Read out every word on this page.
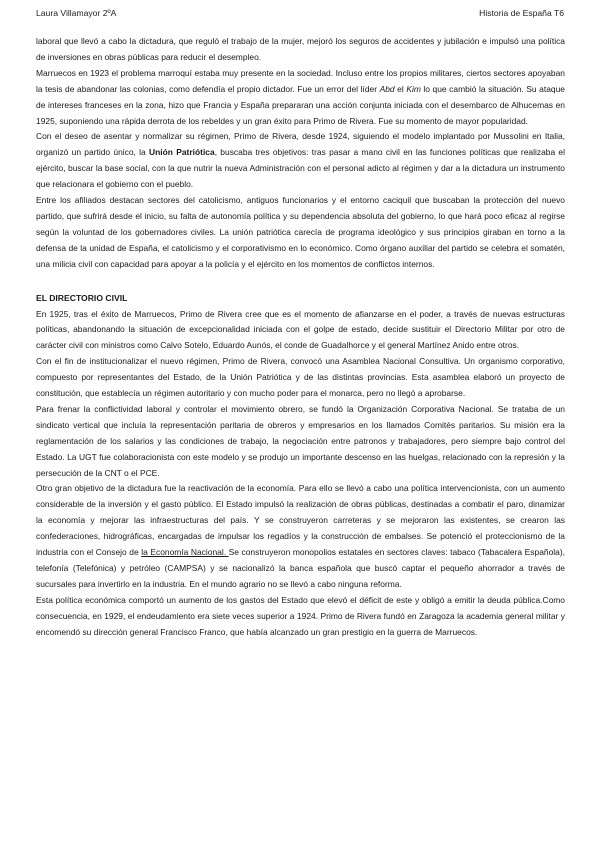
Laura Villamayor 2ºA	Historia de España T6

laboral que llevó a cabo la dictadura, que reguló el trabajo de la mujer, mejoró los seguros de accidentes y jubilación e impulsó una política de inversiones en obras públicas para reducir el desempleo.

Marruecos en 1923 el problema marroquí estaba muy presente en la sociedad. Incluso entre los propios militares, ciertos sectores apoyaban la tesis de abandonar las colonias, como defendía el propio dictador. Fue un error del líder Abd el Kim lo que cambió la situación. Su ataque de intereses franceses en la zona, hizo que Francia y España prepararan una acción conjunta iniciada con el desembarco de Alhucemas en 1925, suponiendo una rápida derrota de los rebeldes y un gran éxito para Primo de Rivera. Fue su momento de mayor popularidad.

Con el deseo de asentar y normalizar su régimen, Primo de Rivera, desde 1924, siguiendo el modelo implantado por Mussolini en Italia, organizó un partido único, la Unión Patriótica, buscaba tres objetivos: tras pasar a mano civil en las funciones políticas que realizaba el ejército, buscar la base social, con la que nutrir la nueva Administración con el personal adicto al régimen y dar a la dictadura un instrumento que relacionara el gobierno con el pueblo.

Entre los afiliados destacan sectores del catolicismo, antiguos funcionarios y el entorno caciquil que buscaban la protección del nuevo partido, que sufrirá desde el inicio, su falta de autonomía política y su dependencia absoluta del gobierno, lo que hará poco eficaz al regirse según la voluntad de los gobernadores civiles. La unión patriótica carecía de programa ideológico y sus principios giraban en torno a la defensa de la unidad de España, el catolicismo y el corporativismo en lo económico. Como órgano auxiliar del partido se celebra el somatén, una milicia civil con capacidad para apoyar a la policía y el ejército en los momentos de conflictos internos.

EL DIRECTORIO CIVIL

En 1925, tras el éxito de Marruecos, Primo de Rivera cree que es el momento de afianzarse en el poder, a través de nuevas estructuras políticas, abandonando la situación de excepcionalidad iniciada con el golpe de estado, decide sustituir el Directorio Militar por otro de carácter civil con ministros como Calvo Sotelo, Eduardo Aunós, el conde de Guadalhorce y el general Martínez Anido entre otros.

Con el fin de institucionalizar el nuevo régimen, Primo de Rivera, convocó una Asamblea Nacional Consultiva. Un organismo corporativo, compuesto por representantes del Estado, de la Unión Patriótica y de las distintas provincias. Esta asamblea elaboró un proyecto de constitución, que establecía un régimen autoritario y con mucho poder para el monarca, pero no llegó a aprobarse.

Para frenar la conflictividad laboral y controlar el movimiento obrero, se fundó la Organización Corporativa Nacional. Se trataba de un sindicato vertical que incluía la representación paritaria de obreros y empresarios en los llamados Comités paritarios. Su misión era la reglamentación de los salarios y las condiciones de trabajo, la negociación entre patronos y trabajadores, pero siempre bajo control del Estado. La UGT fue colaboracionista con este modelo y se produjo un importante descenso en las huelgas, relacionado con la represión y la persecución de la CNT o el PCE.

Otro gran objetivo de la dictadura fue la reactivación de la economía. Para ello se llevó a cabo una política intervencionista, con un aumento considerable de la inversión y el gasto público. El Estado impulsó la realización de obras públicas, destinadas a combatir el paro, dinamizar la economía y mejorar las infraestructuras del país. Y se construyeron carreteras y se mejoraron las existentes, se crearon las confederaciones, hidrográficas, encargadas de impulsar los regadíos y la construcción de embalses. Se potenció el proteccionismo de la industria con el Consejo de la Economía Nacional. Se construyeron monopolios estatales en sectores claves: tabaco (Tabacalera Española), telefonía (Telefónica) y petróleo (CAMPSA) y se nacionalizó la banca española que buscó captar el pequeño ahorrador a través de sucursales para invertirlo en la industria. En el mundo agrario no se llevó a cabo ninguna reforma.

Esta política económica comportó un aumento de los gastos del Estado que elevó el déficit de este y obligó a emitir la deuda pública.Como consecuencia, en 1929, el endeudamiento era siete veces superior a 1924. Primo de Rivera fundó en Zaragoza la academia general militar y encomendó su dirección general Francisco Franco, que había alcanzado un gran prestigio en la guerra de Marruecos.
